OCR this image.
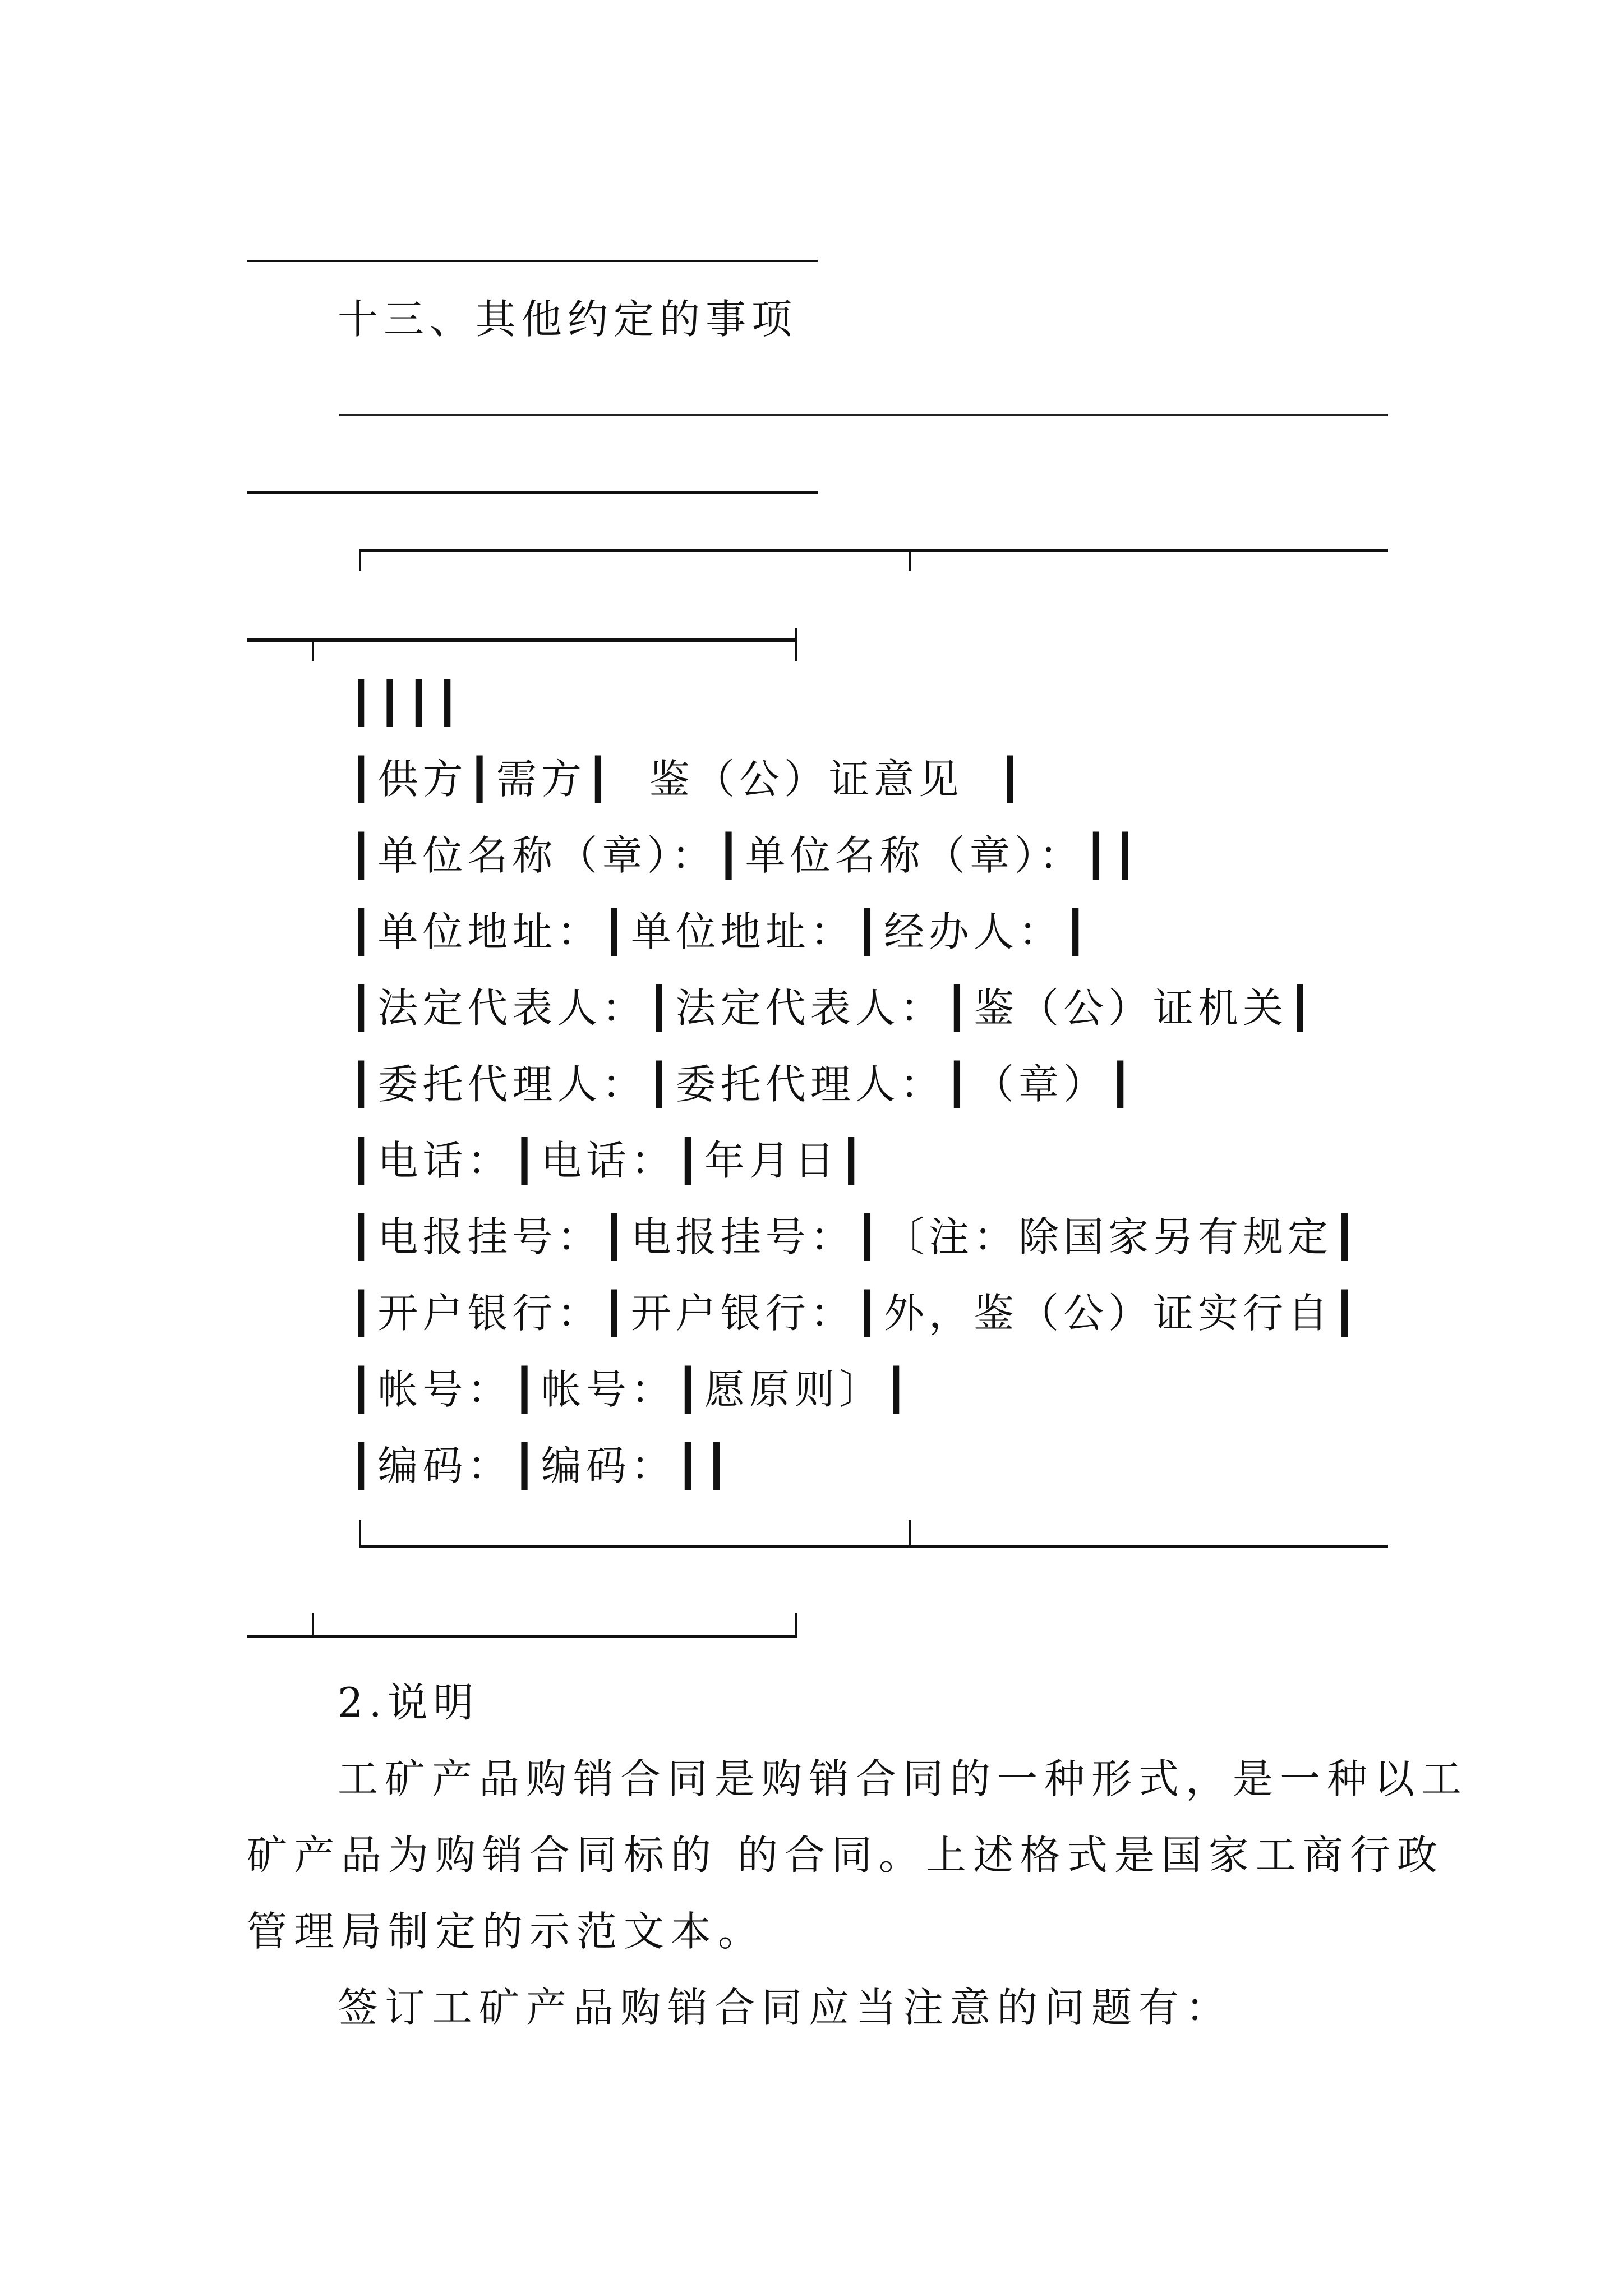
十三、其他约定的事项
┃┃┃┃
┃供方┃需方┃  鉴（公）证意见  ┃
┃单位名称（章）：┃单位名称（章）：┃┃
┃单位地址：┃单位地址：┃经办人：┃
┃法定代表人：┃法定代表人：┃鉴（公）证机关┃
┃委托代理人：┃委托代理人：┃（章）┃
┃电话：┃电话：┃年月日┃
┃电报挂号：┃电报挂号：┃〔注：除国家另有规定┃
┃开户银行：┃开户银行：┃外，鉴（公）证实行自┃
┃帐号：┃帐号：┃愿原则〕┃
┃编码：┃编码：┃┃
2.说明
工矿产品购销合同是购销合同的一种形式，是一种以工
矿产品为购销合同标的 的合同。上述格式是国家工商行政
管理局制定的示范文本。
签订工矿产品购销合同应当注意的问题有：
